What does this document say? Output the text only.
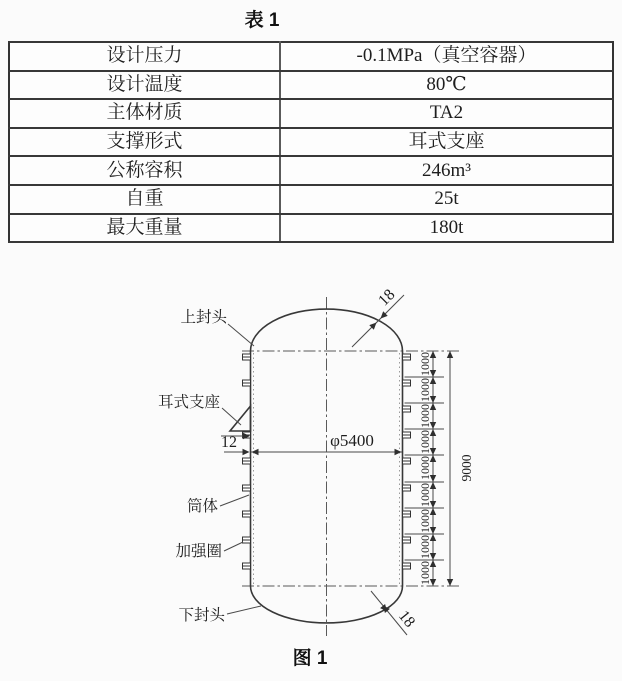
表 1
设计压力	-0.1MPa（真空容器）
设计温度	80℃
主体材质	TA2
支撑形式	耳式支座
公称容积	246m³
自重	25t
最大重量	180t
1000
1000
1000
1000
1000
1000
1000
1000
1000
9000
φ5400
12
18
18
上封头
耳式支座
筒体
加强圈
下封头
图 1
